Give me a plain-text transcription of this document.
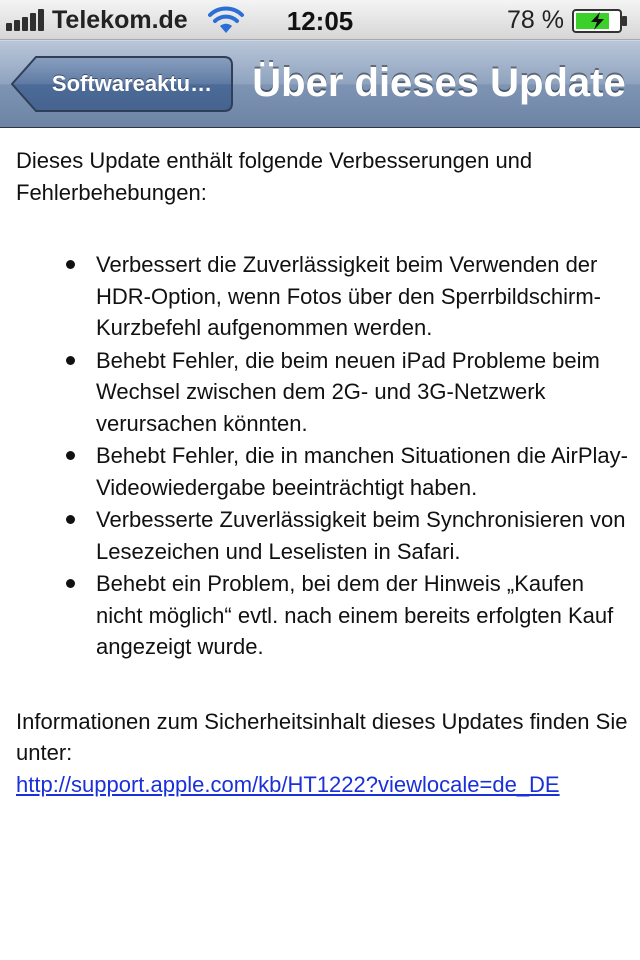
Telekom.de	12:05	78 %
Softwareaktu…	Über dieses Update

Dieses Update enthält folgende Verbesserungen und Fehlerbehebungen:

Verbessert die Zuverlässigkeit beim Verwenden der HDR-Option, wenn Fotos über den Sperrbildschirm-Kurzbefehl aufgenommen werden.
Behebt Fehler, die beim neuen iPad Probleme beim Wechsel zwischen dem 2G- und 3G-Netzwerk verursachen könnten.
Behebt Fehler, die in manchen Situationen die AirPlay-Videowiedergabe beeinträchtigt haben.
Verbesserte Zuverlässigkeit beim Synchronisieren von Lesezeichen und Leselisten in Safari.
Behebt ein Problem, bei dem der Hinweis „Kaufen nicht möglich“ evtl. nach einem bereits erfolgten Kauf angezeigt wurde.

Informationen zum Sicherheitsinhalt dieses Updates finden Sie unter:
http://support.apple.com/kb/HT1222?viewlocale=de_DE
